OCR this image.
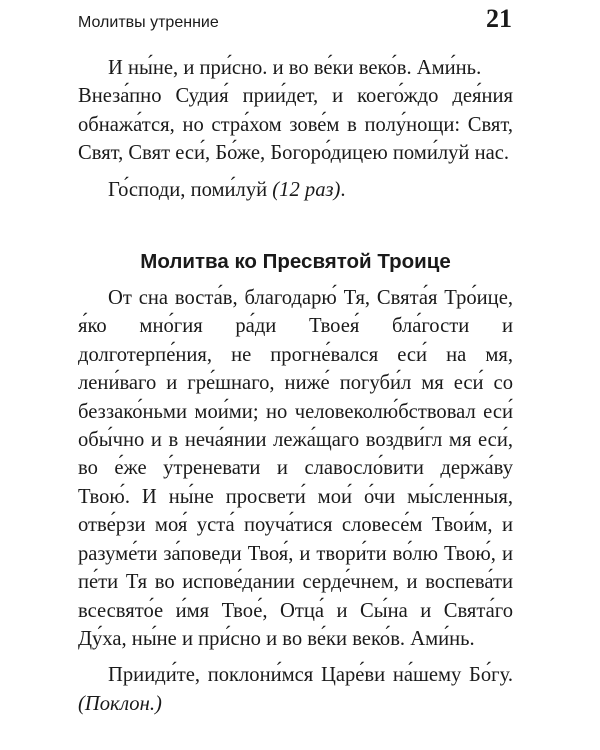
Молитвы утренние	21

И ны́не, и при́сно. и во ве́ки веко́в. Ами́нь.

Внеза́пно Судия́ прии́дет, и коего́ждо дея́ния обнажа́тся, но стра́хом зове́м в полу́нощи: Свят, Свят, Свят еси́, Бо́же, Богоро́дицею поми́луй нас.

Го́споди, поми́луй (12 раз).

Молитва ко Пресвятой Троице

От сна воста́в, благодарю́ Тя, Свята́я Тро́ице, я́ко мно́гия ра́ди Твоея́ бла́гости и долготерпе́ния, не прогне́вался еси́ на мя, лени́ваго и гре́шнаго, ниже́ погуби́л мя еси́ со беззако́ньми мои́ми; но человеколю́бствовал еси́ обы́чно и в неча́янии лежа́щаго воздви́гл мя еси́, во е́же у́треневати и славосло́вити держа́ву Твою́. И ны́не просвети́ мои́ о́чи мы́сленныя, отве́рзи моя́ уста́ поуча́тися словесе́м Твои́м, и разуме́ти за́поведи Твоя́, и твори́ти во́лю Твою́, и пе́ти Тя во испове́дании серде́чнем, и воспева́ти всесвято́е и́мя Твое́, Отца́ и Сы́на и Свята́го Ду́ха, ны́не и при́сно и во ве́ки веко́в. Ами́нь.

Прииди́те, поклони́мся Царе́ви на́шему Бо́гу. (Поклон.)
